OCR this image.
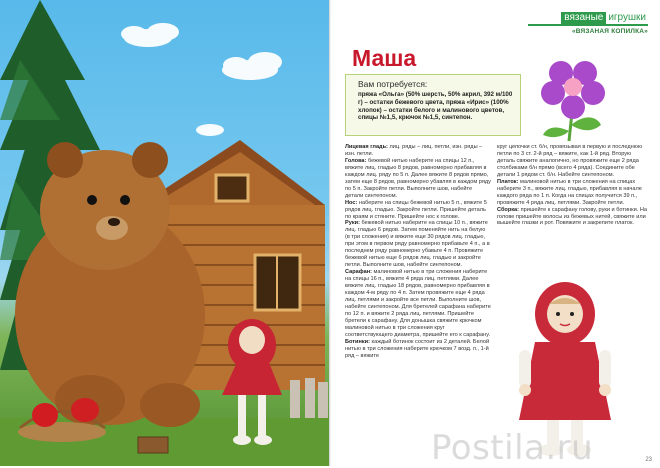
вязаные игрушки
«ВЯЗАНАЯ КОПИЛКА»
Маша
Вам потребуется:
пряжа «Ольга» (50% шерсть, 50% акрил, 392 м/100 г) – остатки бежевого цвета, пряжа «Ирис» (100% хлопок) – остатки белого и малинового цветов, спицы №1,5, крючок №1,5, синтепон.

Лицевая гладь: лиц. ряды – лиц. петли, изн. ряды – изн. петли.

Голова: бежевой нитью наберите на спицы 12 п., вяжите лиц. гладью 8 рядов, равномерно прибавляя в каждом лиц. ряду по 5 п. Далее вяжите 8 рядов прямо, затем еще 8 рядов, равномерно убавляя в каждом ряду по 5 п. Закройте петли. Выполните шов, набейте детали синтепоном.

Нос: наберите на спицы бежевой нитью 5 п., вяжите 5 рядов лиц. гладью. Закройте петли. Пришейте деталь по краям и стяните. Пришейте нос к голове.

Руки: бежевой нитью наберите на спицы 10 п., вяжите лиц. гладью 6 рядов. Затем поменяйте нить на белую (в три сложения) и вяжите еще 30 рядов лиц. гладью, при этом в первом ряду равномерно прибавьте 4 п., а в последнем ряду равномерно убавьте 4 п. Провяжите бежевой нитью еще 6 рядов лиц. гладью и закройте петли. Выполните шов, набейте синтепоном.

Сарафан: малиновой нитью в три сложения наберите на спицы 16 п., вяжите 4 ряда лиц. петлями. Далее вяжите лиц. гладью 18 рядов, равномерно прибавляя в каждом 4-м ряду по 4 п. Затем провяжите еще 4 ряда лиц. петлями и закройте все петли. Выполните шов, набейте синтепоном. Для бретелей сарафана наберите по 12 п. и вяжите 2 ряда лиц. петлями. Пришейте бретели к сарафану. Для донышка свяжите крючком малиновой нитью в три сложения круг соответствующего диаметра, пришейте его к сарафану.

Ботинки: каждый ботинок состоит из 2 деталей. Белой нитью в три сложения наберите крючком 7 возд. п., 1-й ряд – вяжите

круг цепочки ст. б/н, провязывая в первую и последнюю петли по 3 ст. 2-й ряд – вяжите, как 1-й ряд. Вторую деталь свяжите аналогично, но провяжите еще 2 ряда столбиками б/н прямо (всего 4 ряда). Соедините обе детали 1 рядом ст. б/н. Набейте синтепоном.

Платок: малиновой нитью в три сложения на спицах наберите 3 п., вяжите лиц. гладью, прибавляя в начале каждого ряда по 1 п. Когда на спицах получится 39 п., провяжите 4 ряда лиц. петлями. Закройте петли.

Сборка: пришейте к сарафану голову, руки и ботинки. На голове пришейте волосы из бежевых нитей, свяжите или вышейте глазки и рот. Повяжите и закрепите платок.

Postila.ru	23
